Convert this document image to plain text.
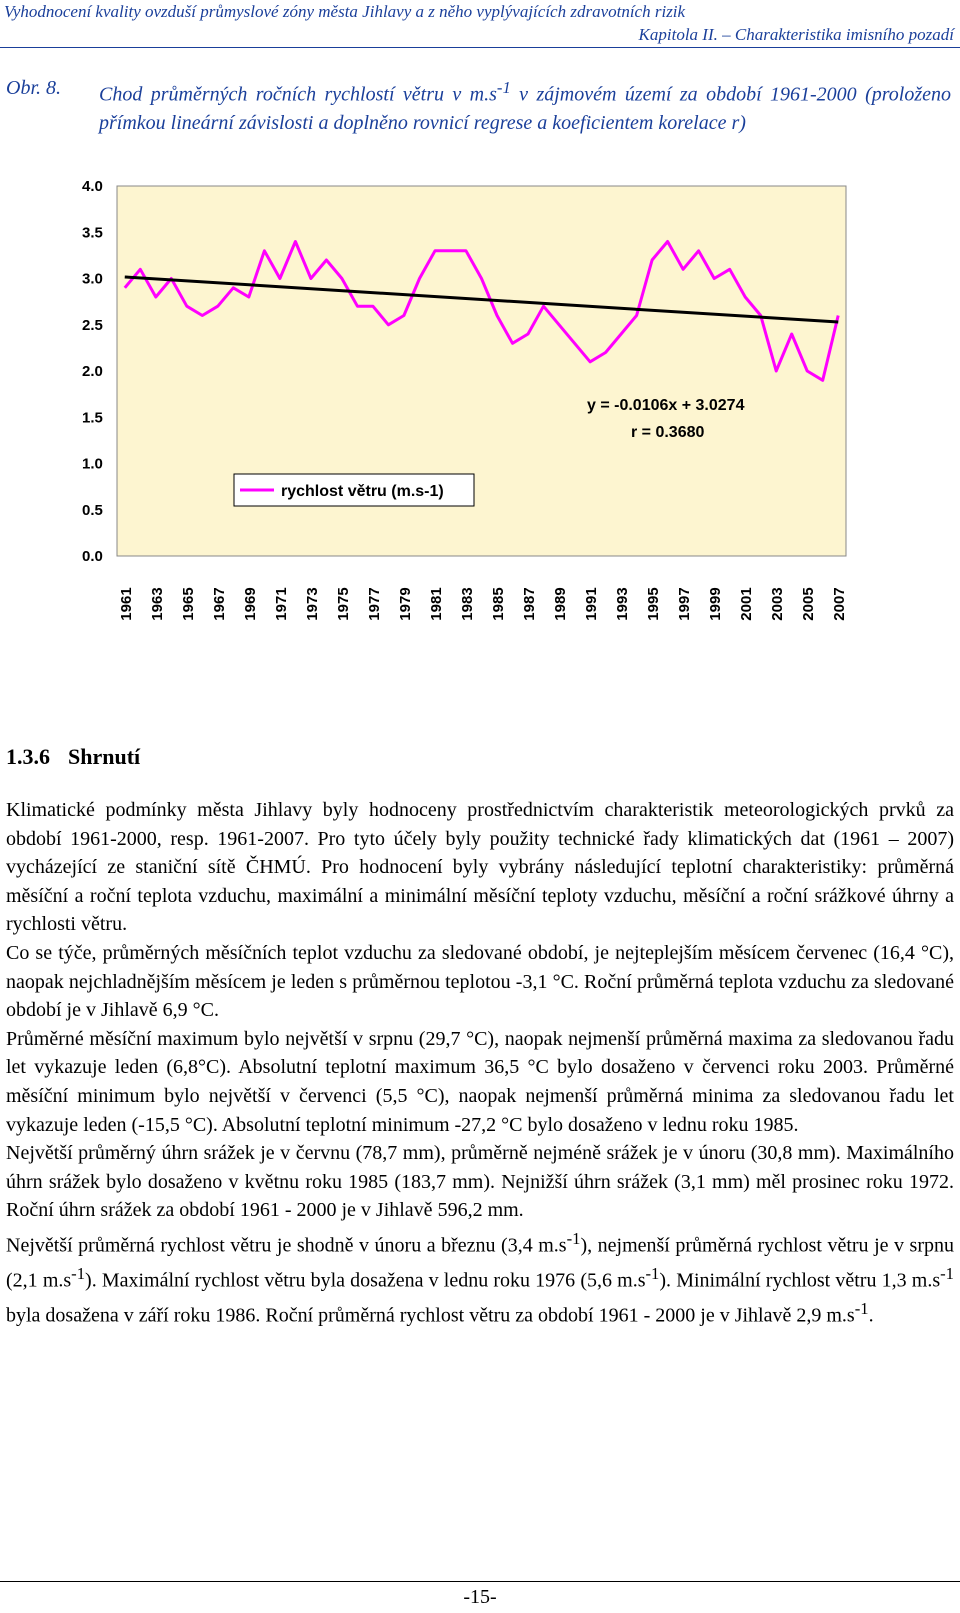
Vyhodnocení kvality ovzduší průmyslové zóny města Jihlavy a z něho vyplývajících zdravotních rizik
Kapitola II. – Charakteristika imisního pozadí
Obr. 8. Chod průměrných ročních rychlostí větru v $m.s^{-1}$ v zájmovém území za období 1961-2000 (proloženo přímkou lineární závislosti a doplněno rovnicí regrese a koeficientem korelace r)
0.0
0.5
1.0
1.5
2.0
2.5
3.0
3.5
4.0
1961 1963 1965 1967 1969 1971 1973 1975 1977 1979 1981 1983 1985 1987 1989 1991 1993 1995 1997 1999 2001 2003 2005 2007
rychlost větru (m.s-1)
y = -0.0106x + 3.0274
r = 0.3680
1.3.6 Shrnutí

Klimatické podmínky města Jihlavy byly hodnoceny prostřednictvím charakteristik meteorologických prvků za období 1961-2000, resp. 1961-2007. Pro tyto účely byly použity technické řady klimatických dat (1961 – 2007) vycházející ze staniční sítě ČHMÚ. Pro hodnocení byly vybrány následující teplotní charakteristiky: průměrná měsíční a roční teplota vzduchu, maximální a minimální měsíční teploty vzduchu, měsíční a roční srážkové úhrny a rychlosti větru.

Co se týče, průměrných měsíčních teplot vzduchu za sledované období, je nejteplejším měsícem červenec (16,4 °C), naopak nejchladnějším měsícem je leden s průměrnou teplotou -3,1 °C. Roční průměrná teplota vzduchu za sledované období je v Jihlavě 6,9 °C.

Průměrné měsíční maximum bylo největší v srpnu (29,7 °C), naopak nejmenší průměrná maxima za sledovanou řadu let vykazuje leden (6,8°C). Absolutní teplotní maximum 36,5 °C bylo dosaženo v červenci roku 2003. Průměrné měsíční minimum bylo největší v červenci (5,5 °C), naopak nejmenší průměrná minima za sledovanou řadu let vykazuje leden (-15,5 °C). Absolutní teplotní minimum -27,2 °C bylo dosaženo v lednu roku 1985.

Největší průměrný úhrn srážek je v červnu (78,7 mm), průměrně nejméně srážek je v únoru (30,8 mm). Maximálního úhrn srážek bylo dosaženo v květnu roku 1985 (183,7 mm). Nejnižší úhrn srážek (3,1 mm) měl prosinec roku 1972. Roční úhrn srážek za období 1961 - 2000 je v Jihlavě 596,2 mm.

Největší průměrná rychlost větru je shodně v únoru a březnu (3,4 $m.s^{-1}$), nejmenší průměrná rychlost větru je v srpnu (2,1 $m.s^{-1}$). Maximální rychlost větru byla dosažena v lednu roku 1976 (5,6 $m.s^{-1}$). Minimální rychlost větru 1,3 $m.s^{-1}$ byla dosažena v září roku 1986. Roční průměrná rychlost větru za období 1961 - 2000 je v Jihlavě 2,9 $m.s^{-1}$.

-15-
